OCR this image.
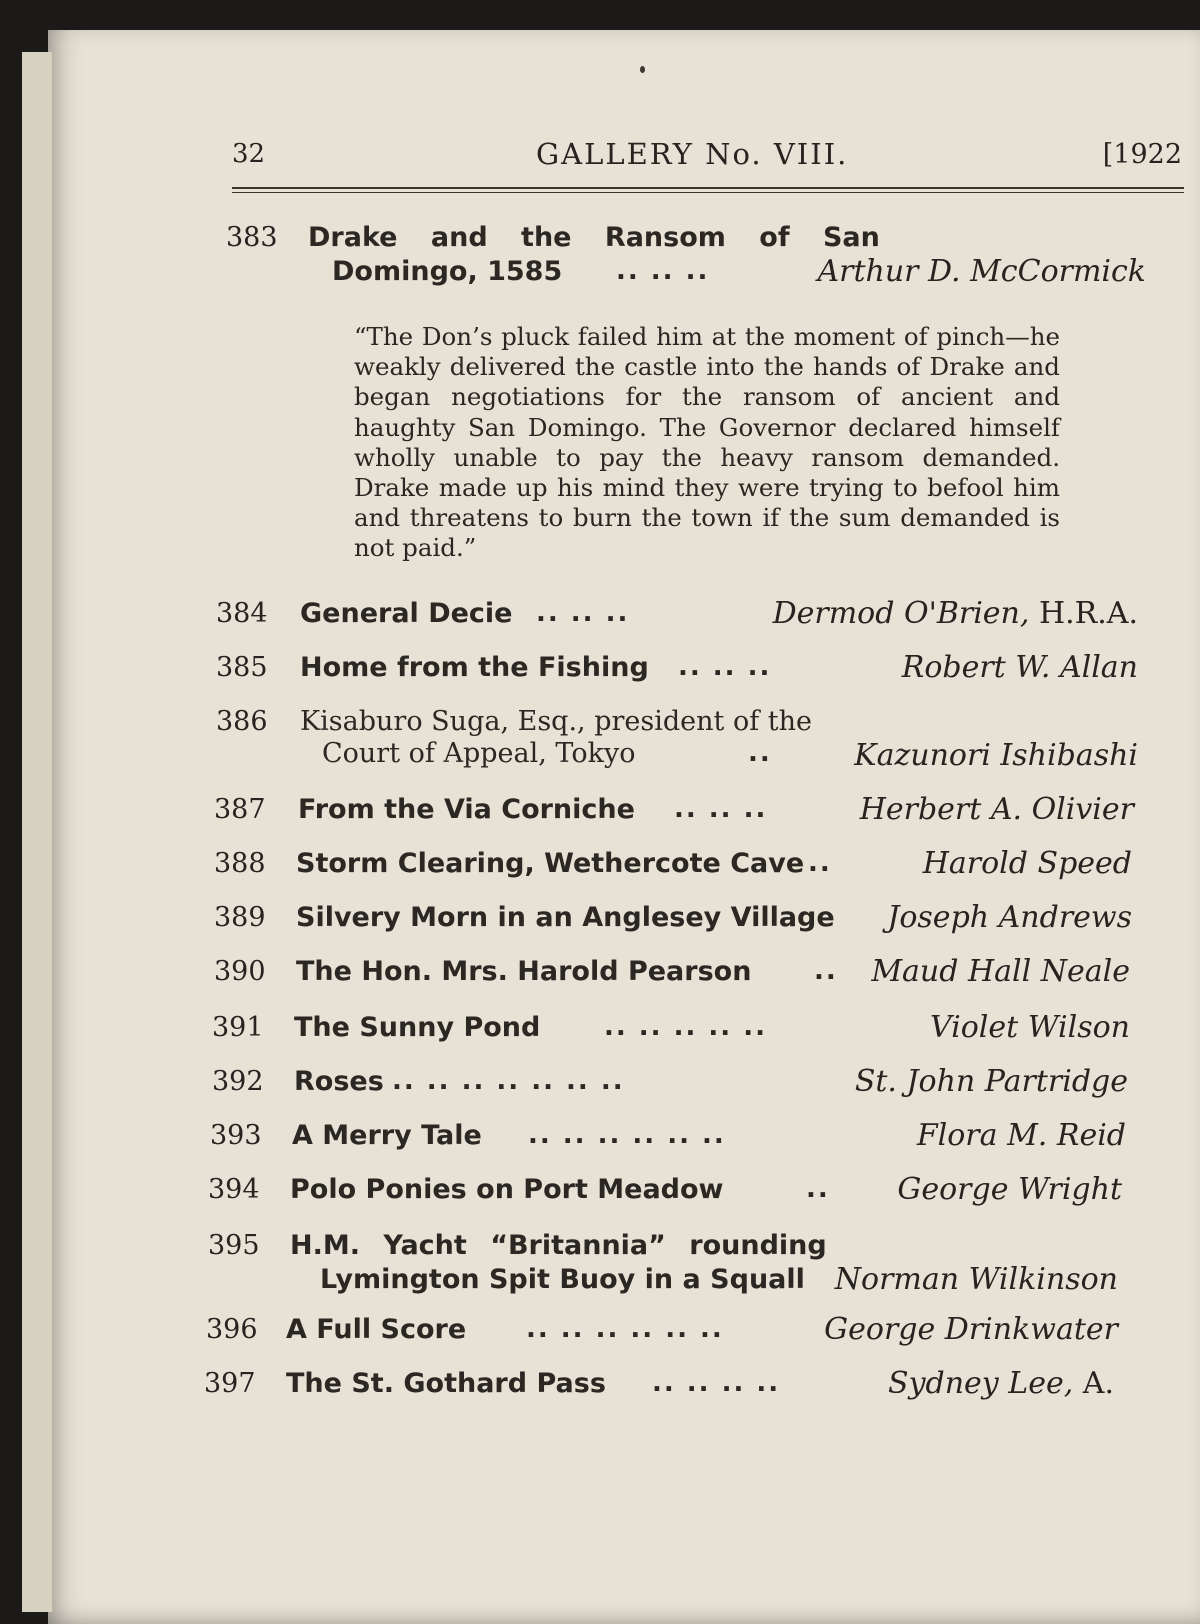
32	GALLERY No. VIII.	[1922
383 Drake and the Ransom of San
Domingo, 1585 .. .. ..	Arthur D. McCormick
“The Don’s pluck failed him at the moment of pinch—he weakly delivered the castle into the hands of Drake and began negotiations for the ransom of ancient and haughty San Domingo. The Governor declared himself wholly unable to pay the heavy ransom demanded. Drake made up his mind they were trying to befool him and threatens to burn the town if the sum demanded is not paid.”
384 General Decie .. .. ..	Dermod O'Brien, H.R.A.
385 Home from the Fishing .. .. ..	Robert W. Allan
386 Kisaburo Suga, Esq., president of the
Court of Appeal, Tokyo	..	Kazunori Ishibashi
387 From the Via Corniche .. .. ..	Herbert A. Olivier
388 Storm Clearing, Wethercote Cave ..	Harold Speed
389 Silvery Morn in an Anglesey Village Joseph Andrews
390 The Hon. Mrs. Harold Pearson .. Maud Hall Neale
391 The Sunny Pond .. .. .. .. ..	Violet Wilson
392 Roses .. .. .. .. .. .. ..	St. John Partridge
393 A Merry Tale .. .. .. .. .. ..	Flora M. Reid
394 Polo Ponies on Port Meadow	.. George Wright
395 H.M. Yacht “Britannia” rounding
Lymington Spit Buoy in a Squall Norman Wilkinson
396 A Full Score .. .. .. .. .. ..	George Drinkwater
397 The St. Gothard Pass .. .. .. ..	Sydney Lee, A.
